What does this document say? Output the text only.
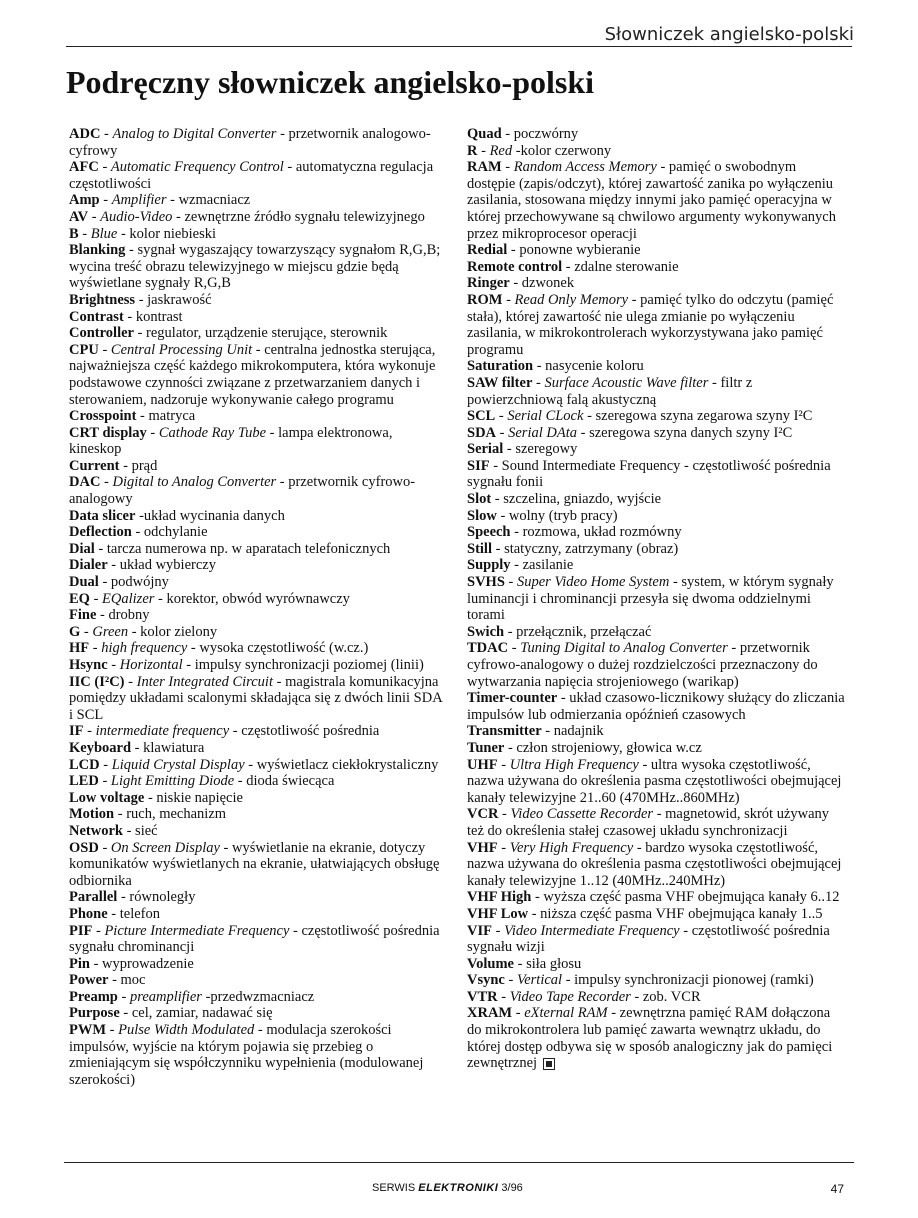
Słowniczek angielsko-polski
Podręczny słowniczek angielsko-polski

ADC - Analog to Digital Converter - przetwornik analogowo-cyfrowy

AFC - Automatic Frequency Control - automatyczna regulacja częstotliwości

Amp - Amplifier - wzmacniacz

AV - Audio-Video - zewnętrzne źródło sygnału telewizyjnego

B - Blue - kolor niebieski

Blanking - sygnał wygaszający towarzyszący sygnałom R,G,B; wycina treść obrazu telewizyjnego w miejscu gdzie będą wyświetlane sygnały R,G,B

Brightness - jaskrawość

Contrast - kontrast

Controller - regulator, urządzenie sterujące, sterownik

CPU - Central Processing Unit - centralna jednostka sterująca, najważniejsza część każdego mikrokomputera, która wykonuje podstawowe czynności związane z przetwarzaniem danych i sterowaniem, nadzoruje wykonywanie całego programu

Crosspoint - matryca

CRT display - Cathode Ray Tube - lampa elektronowa, kineskop

Current - prąd

DAC - Digital to Analog Converter - przetwornik cyfrowo-analogowy

Data slicer -układ wycinania danych

Deflection - odchylanie

Dial - tarcza numerowa np. w aparatach telefonicznych

Dialer - układ wybierczy

Dual - podwójny

EQ - EQalizer - korektor, obwód wyrównawczy

Fine - drobny

G - Green - kolor zielony

HF - high frequency - wysoka częstotliwość (w.cz.)

Hsync - Horizontal - impulsy synchronizacji poziomej (linii)

IIC (I²C) - Inter Integrated Circuit - magistrala komunikacyjna pomiędzy układami scalonymi składająca się z dwóch linii SDA i SCL

IF - intermediate frequency - częstotliwość pośrednia

Keyboard - klawiatura

LCD - Liquid Crystal Display - wyświetlacz ciekłokrystaliczny

LED - Light Emitting Diode - dioda świecąca

Low voltage - niskie napięcie

Motion - ruch, mechanizm

Network - sieć

OSD - On Screen Display - wyświetlanie na ekranie, dotyczy komunikatów wyświetlanych na ekranie, ułatwiających obsługę odbiornika

Parallel - równoległy

Phone - telefon

PIF - Picture Intermediate Frequency - częstotliwość pośrednia sygnału chrominancji

Pin - wyprowadzenie

Power - moc

Preamp - preamplifier -przedwzmacniacz

Purpose - cel, zamiar, nadawać się

PWM - Pulse Width Modulated - modulacja szerokości impulsów, wyjście na którym pojawia się przebieg o zmieniającym się współczynniku wypełnienia (modulowanej szerokości)

Quad - poczwórny

R - Red -kolor czerwony

RAM - Random Access Memory - pamięć o swobodnym dostępie (zapis/odczyt), której zawartość zanika po wyłączeniu zasilania, stosowana między innymi jako pamięć operacyjna w której przechowywane są chwilowo argumenty wykonywanych przez mikroprocesor operacji

Redial - ponowne wybieranie

Remote control - zdalne sterowanie

Ringer - dzwonek

ROM - Read Only Memory - pamięć tylko do odczytu (pamięć stała), której zawartość nie ulega zmianie po wyłączeniu zasilania, w mikrokontrolerach wykorzystywana jako pamięć programu

Saturation - nasycenie koloru

SAW filter - Surface Acoustic Wave filter - filtr z powierzchniową falą akustyczną

SCL - Serial CLock - szeregowa szyna zegarowa szyny I²C

SDA - Serial DAta - szeregowa szyna danych szyny I²C

Serial - szeregowy

SIF - Sound Intermediate Frequency - częstotliwość pośrednia sygnału fonii

Slot - szczelina, gniazdo, wyjście

Slow - wolny (tryb pracy)

Speech - rozmowa, układ rozmówny

Still - statyczny, zatrzymany (obraz)

Supply - zasilanie

SVHS - Super Video Home System - system, w którym sygnały luminancji i chrominancji przesyła się dwoma oddzielnymi torami

Swich - przełącznik, przełączać

TDAC - Tuning Digital to Analog Converter - przetwornik cyfrowo-analogowy o dużej rozdzielczości przeznaczony do wytwarzania napięcia strojeniowego (warikap)

Timer-counter - układ czasowo-licznikowy służący do zliczania impulsów lub odmierzania opóźnień czasowych

Transmitter - nadajnik

Tuner - człon strojeniowy, głowica w.cz

UHF - Ultra High Frequency - ultra wysoka częstotliwość, nazwa używana do określenia pasma częstotliwości obejmującej kanały telewizyjne 21..60 (470MHz..860MHz)

VCR - Video Cassette Recorder - magnetowid, skrót używany też do określenia stałej czasowej układu synchronizacji

VHF - Very High Frequency - bardzo wysoka częstotliwość, nazwa używana do określenia pasma częstotliwości obejmującej kanały telewizyjne 1..12 (40MHz..240MHz)

VHF High - wyższa część pasma VHF obejmująca kanały 6..12

VHF Low - niższa część pasma VHF obejmująca kanały 1..5

VIF - Video Intermediate Frequency - częstotliwość pośrednia sygnału wizji

Volume - siła głosu

Vsync - Vertical - impulsy synchronizacji pionowej (ramki)

VTR - Video Tape Recorder - zob. VCR

XRAM - eXternal RAM - zewnętrzna pamięć RAM dołączona do mikrokontrolera lub pamięć zawarta wewnątrz układu, do której dostęp odbywa się w sposób analogiczny jak do pamięci zewnętrznej

SERWIS ELEKTRONIKI 3/96	47
